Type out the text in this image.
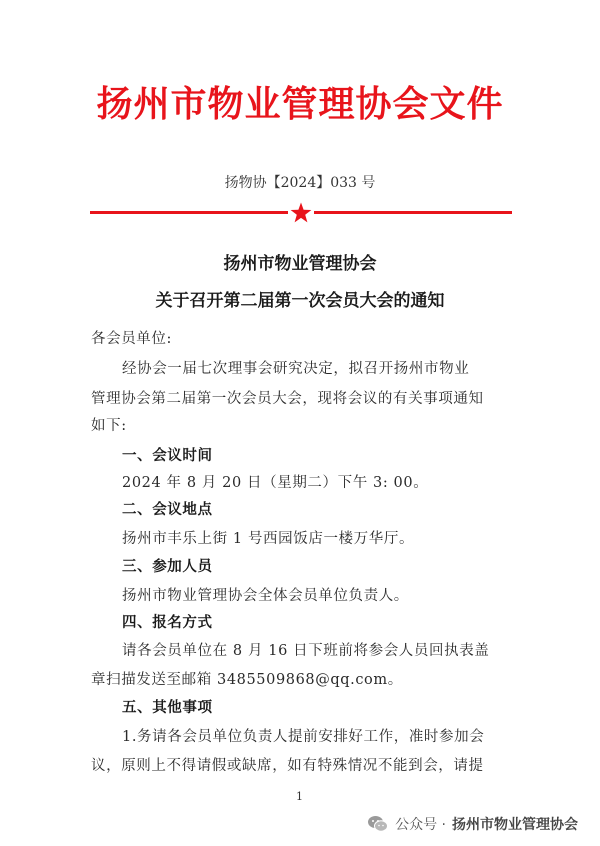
扬州市物业管理协会文件
扬物协【2024】033 号
扬州市物业管理协会
关于召开第二届第一次会员大会的通知
各会员单位:
经协会一届七次理事会研究决定，拟召开扬州市物业
管理协会第二届第一次会员大会，现将会议的有关事项通知
如下:
一、会议时间
2024 年 8 月 20 日（星期二）下午 3: 00。
二、会议地点
扬州市丰乐上街 1 号西园饭店一楼万华厅。
三、参加人员
扬州市物业管理协会全体会员单位负责人。
四、报名方式
请各会员单位在 8 月 16 日下班前将参会人员回执表盖
章扫描发送至邮箱 3485509868@qq.com。
五、其他事项
1.务请各会员单位负责人提前安排好工作，准时参加会
议，原则上不得请假或缺席，如有特殊情况不能到会，请提
1
公众号 · 扬州市物业管理协会
